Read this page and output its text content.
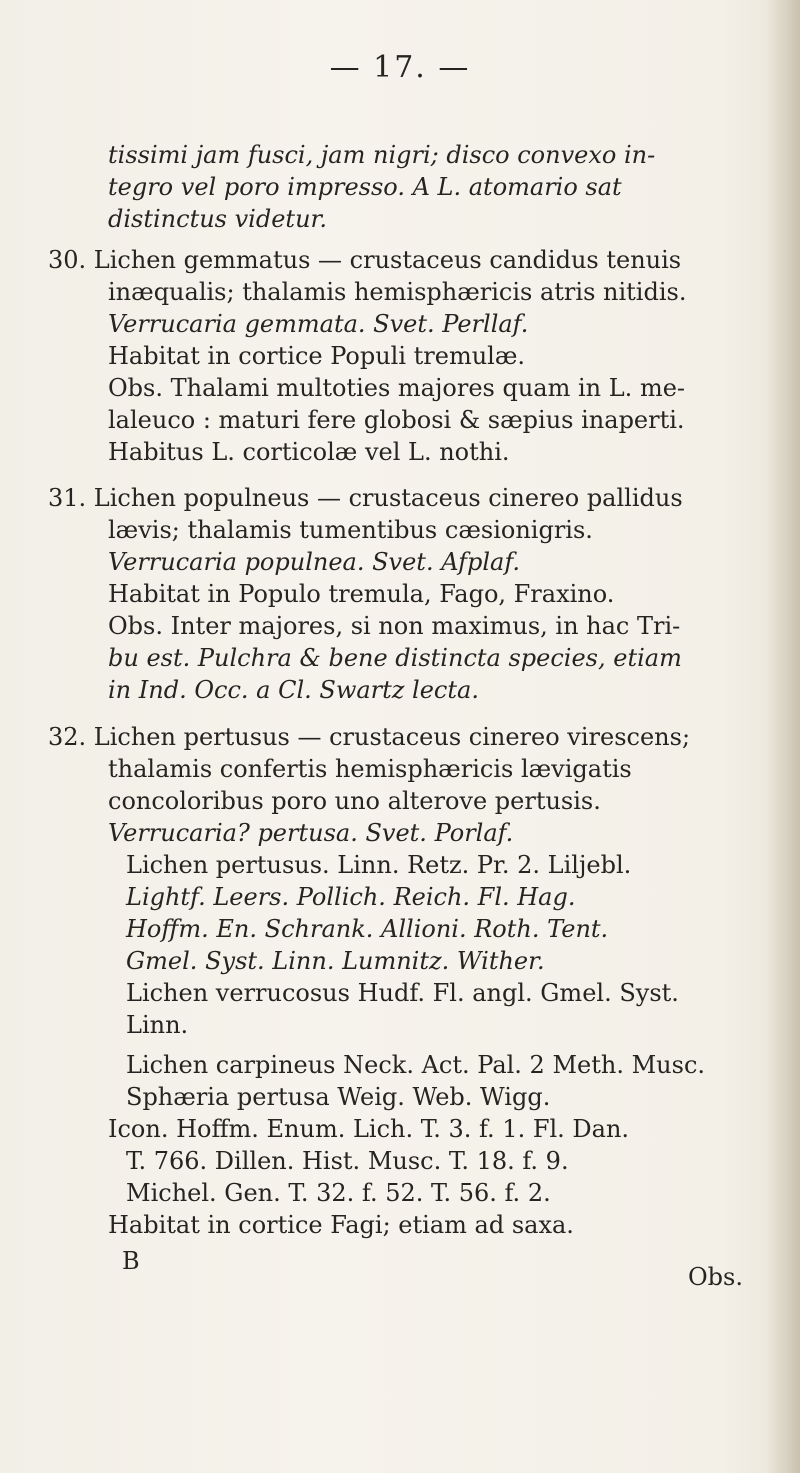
— 17. —
tissimi jam fusci, jam nigri; disco convexo in-
tegro vel poro impresso. A L. atomario sat
distinctus videtur.
30. Lichen gemmatus — crustaceus candidus tenuis
inæqualis; thalamis hemisphæricis atris nitidis.
Verrucaria gemmata. Svet. Perllaf.
Habitat in cortice Populi tremulæ.
Obs. Thalami multoties majores quam in L. me-
laleuco : maturi fere globosi & sæpius inaperti.
Habitus L. corticolæ vel L. nothi.
31. Lichen populneus — crustaceus cinereo pallidus
lævis; thalamis tumentibus cæsionigris.
Verrucaria populnea. Svet. Afplaf.
Habitat in Populo tremula, Fago, Fraxino.
Obs. Inter majores, si non maximus, in hac Tri-
bu est. Pulchra & bene distincta species, etiam
in Ind. Occ. a Cl. Swartz lecta.
32. Lichen pertusus — crustaceus cinereo virescens;
thalamis confertis hemisphæricis lævigatis
concoloribus poro uno alterove pertusis.
Verrucaria? pertusa. Svet. Porlaf.
Lichen pertusus. Linn. Retz. Pr. 2. Liljebl.
Lightf. Leers. Pollich. Reich. Fl. Hag.
Hoffm. En. Schrank. Allioni. Roth. Tent.
Gmel. Syst. Linn. Lumnitz. Wither.
Lichen verrucosus Hudf. Fl. angl. Gmel. Syst.
Linn.
Lichen carpineus Neck. Act. Pal. 2 Meth. Musc.
Sphæria pertusa Weig. Web. Wigg.
Icon. Hoffm. Enum. Lich. T. 3. f. 1. Fl. Dan.
T. 766. Dillen. Hist. Musc. T. 18. f. 9.
Michel. Gen. T. 32. f. 52. T. 56. f. 2.
Habitat in cortice Fagi; etiam ad saxa.
B
Obs.
